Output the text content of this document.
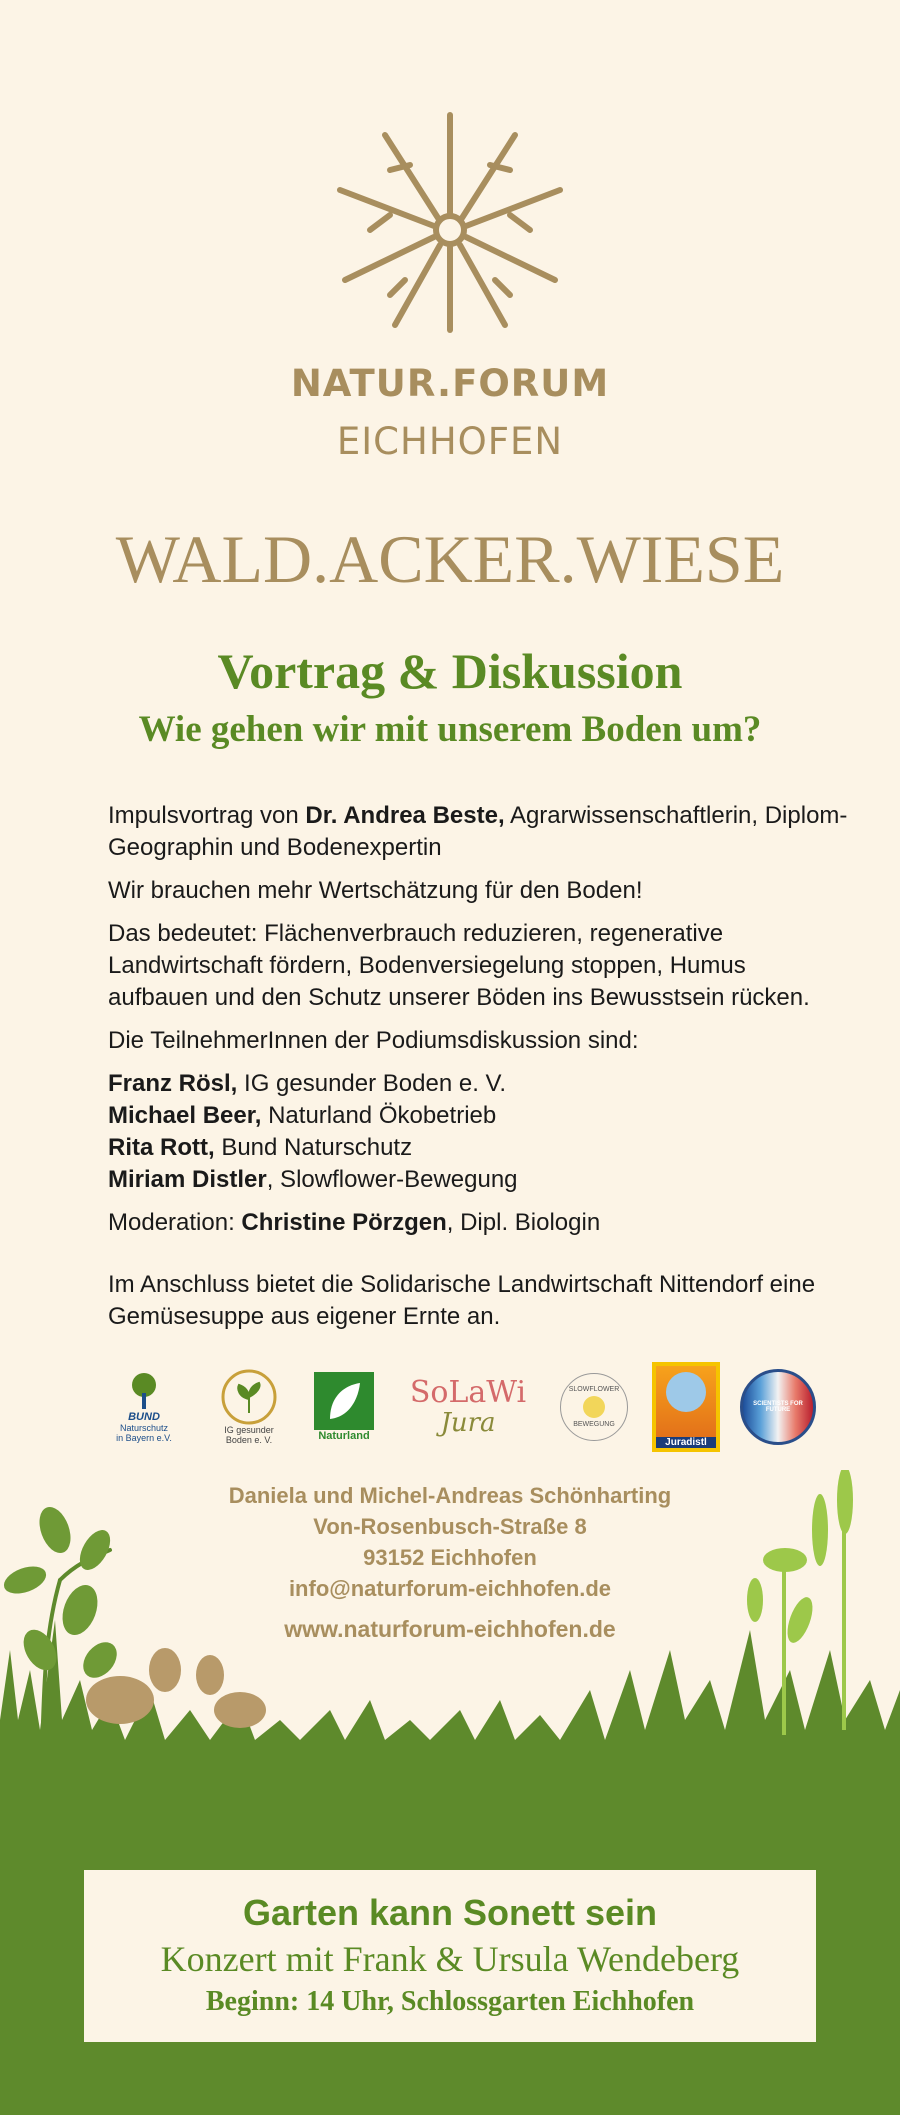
NATUR.FORUM
EICHHOFEN
WALD.ACKER.WIESE
Vortrag & Diskussion
Wie gehen wir mit unserem Boden um?

Impulsvortrag von Dr. Andrea Beste, Agrarwissenschaftlerin, Diplom-Geographin und Bodenexpertin

Wir brauchen mehr Wertschätzung für den Boden!

Das bedeutet: Flächenverbrauch reduzieren, regenerative Landwirtschaft fördern, Bodenversiegelung stoppen, Humus aufbauen und den Schutz unserer Böden ins Bewusstsein rücken.

Die TeilnehmerInnen der Podiumsdiskussion sind:

Franz Rösl, IG gesunder Boden e. V.
Michael Beer, Naturland Ökobetrieb
Rita Rott, Bund Naturschutz
Miriam Distler, Slowflower-Bewegung

Moderation: Christine Pörzgen, Dipl. Biologin

Im Anschluss bietet die Solidarische Landwirtschaft Nittendorf eine Gemüsesuppe aus eigener Ernte an.

BUND
Naturschutz
in Bayern e.V.
IG gesunder
Boden e. V.	Naturland
SoLaWi
Jura
SLOWFLOWER
BEWEGUNG
Juradistl
SCIENTISTS FOR FUTURE
Daniela und Michel-Andreas Schönharting
Von-Rosenbusch-Straße 8
93152 Eichhofen
info@naturforum-eichhofen.de
www.naturforum-eichhofen.de
Garten kann Sonett sein
Konzert mit Frank & Ursula Wendeberg
Beginn: 14 Uhr, Schlossgarten Eichhofen
